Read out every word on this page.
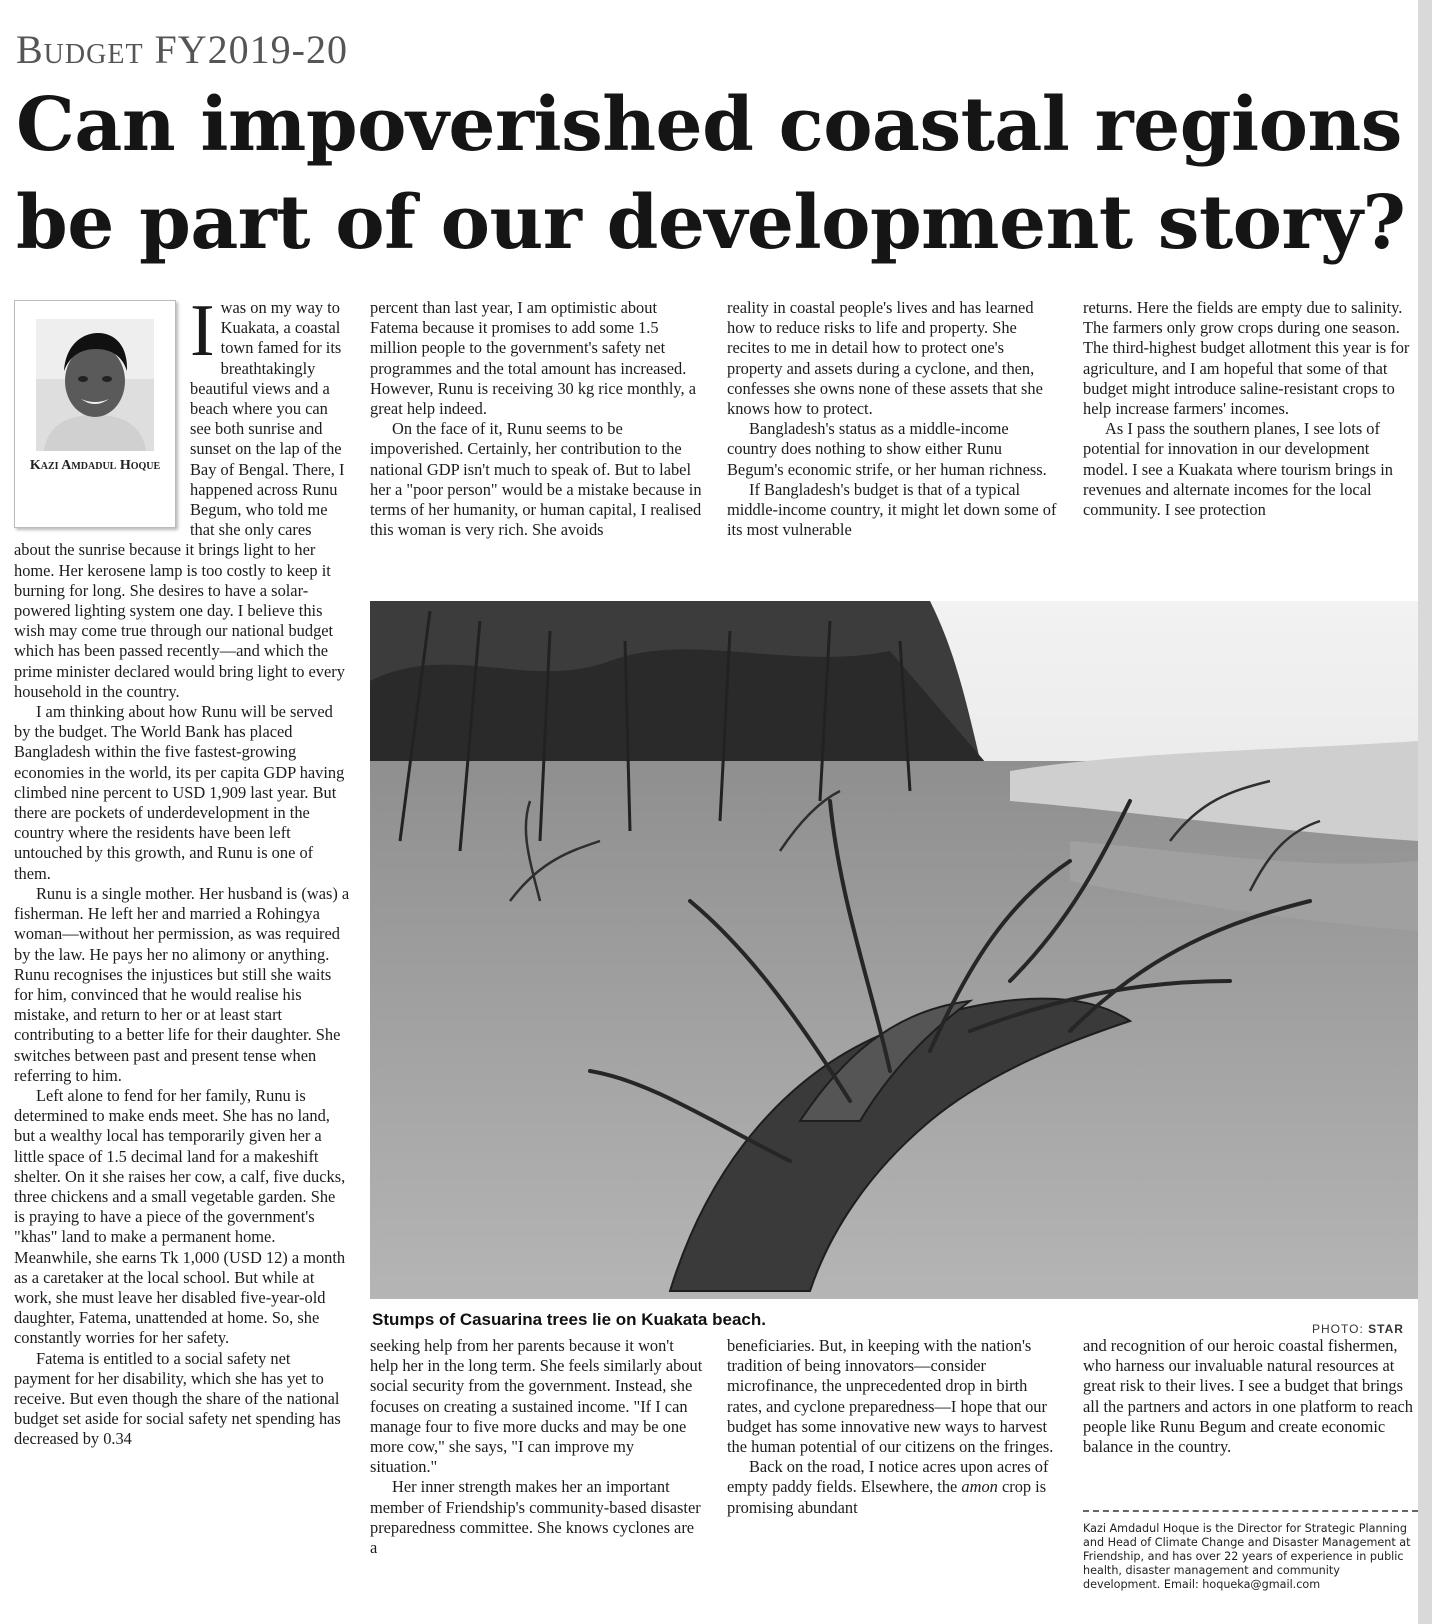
Budget FY2019-20
Can impoverished coastal regions be part of our development story?
Kazi Amdadul Hoque
I was on my way to Kuakata, a coastal town famed for its breathtakingly beautiful views and a beach where you can see both sunrise and sunset on the lap of the Bay of Bengal. There, I happened across Runu Begum, who told me that she only cares about the sunrise because it brings light to her home. Her kerosene lamp is too costly to keep it burning for long. She desires to have a solar-powered lighting system one day. I believe this wish may come true through our national budget which has been passed recently—and which the prime minister declared would bring light to every household in the country.

I am thinking about how Runu will be served by the budget. The World Bank has placed Bangladesh within the five fastest-growing economies in the world, its per capita GDP having climbed nine percent to USD 1,909 last year. But there are pockets of underdevelopment in the country where the residents have been left untouched by this growth, and Runu is one of them.

Runu is a single mother. Her husband is (was) a fisherman. He left her and married a Rohingya woman—without her permission, as was required by the law. He pays her no alimony or anything. Runu recognises the injustices but still she waits for him, convinced that he would realise his mistake, and return to her or at least start contributing to a better life for their daughter. She switches between past and present tense when referring to him.

Left alone to fend for her family, Runu is determined to make ends meet. She has no land, but a wealthy local has temporarily given her a little space of 1.5 decimal land for a makeshift shelter. On it she raises her cow, a calf, five ducks, three chickens and a small vegetable garden. She is praying to have a piece of the government's "khas" land to make a permanent home. Meanwhile, she earns Tk 1,000 (USD 12) a month as a caretaker at the local school. But while at work, she must leave her disabled five-year-old daughter, Fatema, unattended at home. So, she constantly worries for her safety.

Fatema is entitled to a social safety net payment for her disability, which she has yet to receive. But even though the share of the national budget set aside for social safety net spending has decreased by 0.34

percent than last year, I am optimistic about Fatema because it promises to add some 1.5 million people to the government's safety net programmes and the total amount has increased. However, Runu is receiving 30 kg rice monthly, a great help indeed.

On the face of it, Runu seems to be impoverished. Certainly, her contribution to the national GDP isn't much to speak of. But to label her a "poor person" would be a mistake because in terms of her humanity, or human capital, I realised this woman is very rich. She avoids

reality in coastal people's lives and has learned how to reduce risks to life and property. She recites to me in detail how to protect one's property and assets during a cyclone, and then, confesses she owns none of these assets that she knows how to protect.

Bangladesh's status as a middle-income country does nothing to show either Runu Begum's economic strife, or her human richness.

If Bangladesh's budget is that of a typical middle-income country, it might let down some of its most vulnerable

returns. Here the fields are empty due to salinity. The farmers only grow crops during one season. The third-highest budget allotment this year is for agriculture, and I am hopeful that some of that budget might introduce saline-resistant crops to help increase farmers' incomes.

As I pass the southern planes, I see lots of potential for innovation in our development model. I see a Kuakata where tourism brings in revenues and alternate incomes for the local community. I see protection

Stumps of Casuarina trees lie on Kuakata beach.	PHOTO: STAR

seeking help from her parents because it won't help her in the long term. She feels similarly about social security from the government. Instead, she focuses on creating a sustained income. "If I can manage four to five more ducks and may be one more cow," she says, "I can improve my situation."

Her inner strength makes her an important member of Friendship's community-based disaster preparedness committee. She knows cyclones are a

beneficiaries. But, in keeping with the nation's tradition of being innovators—consider microfinance, the unprecedented drop in birth rates, and cyclone preparedness—I hope that our budget has some innovative new ways to harvest the human potential of our citizens on the fringes.

Back on the road, I notice acres upon acres of empty paddy fields. Elsewhere, the amon crop is promising abundant

and recognition of our heroic coastal fishermen, who harness our invaluable natural resources at great risk to their lives. I see a budget that brings all the partners and actors in one platform to reach people like Runu Begum and create economic balance in the country.

Kazi Amdadul Hoque is the Director for Strategic Planning and Head of Climate Change and Disaster Management at Friendship, and has over 22 years of experience in public health, disaster management and community development. Email: hoqueka@gmail.com
